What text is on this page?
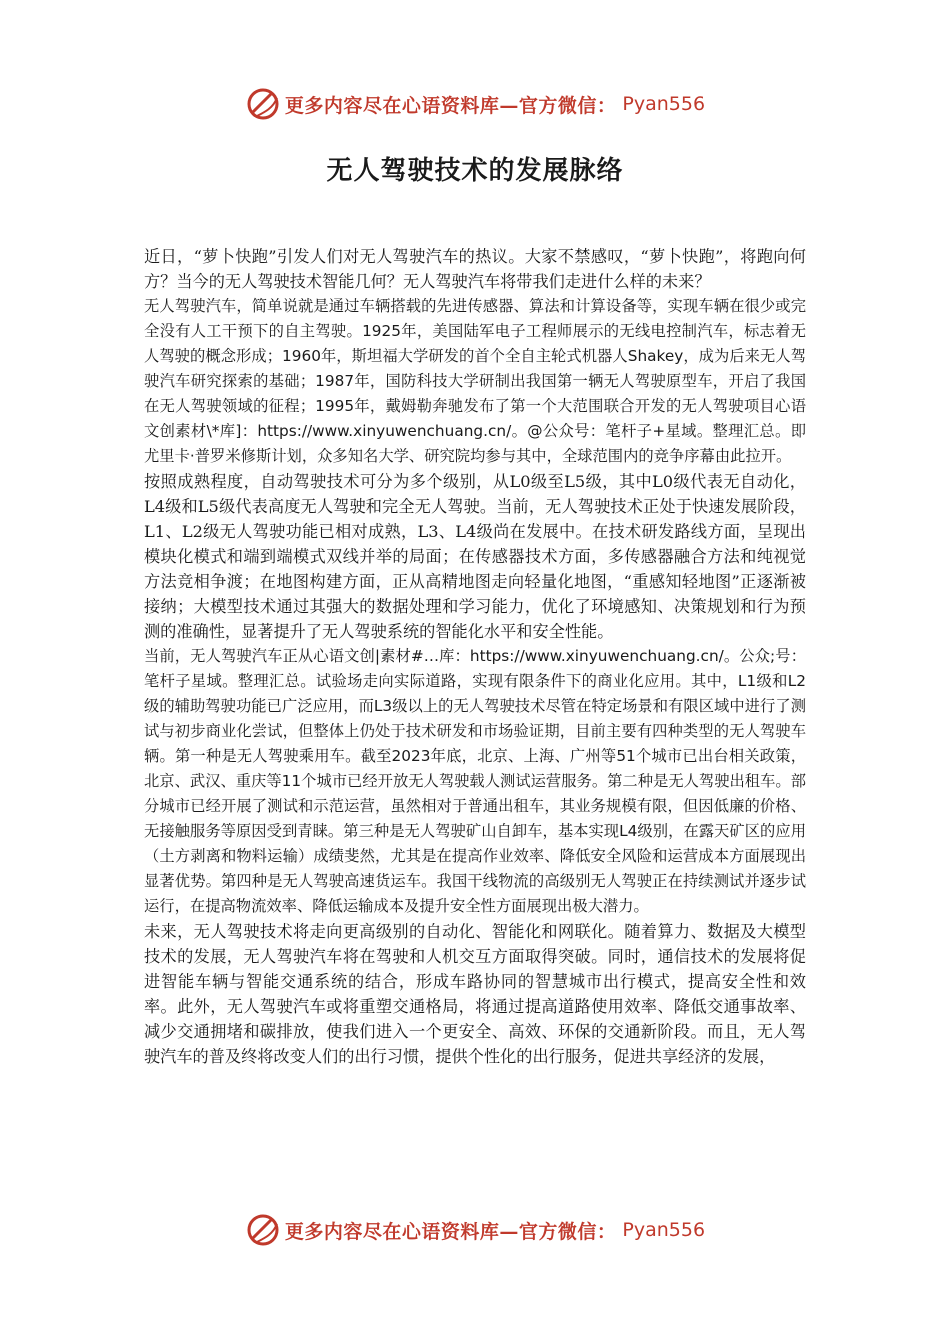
更多内容尽在心语资料库—官方微信： Pyan556
无人驾驶技术的发展脉络

近日，“萝卜快跑”引发人们对无人驾驶汽车的热议。大家不禁感叹，“萝卜快跑”，将跑向何方？当今的无人驾驶技术智能几何？无人驾驶汽车将带我们走进什么样的未来？

无人驾驶汽车，简单说就是通过车辆搭载的先进传感器、算法和计算设备等，实现车辆在很少或完全没有人工干预下的自主驾驶。1925年，美国陆军电子工程师展示的无线电控制汽车，标志着无人驾驶的概念形成；1960年，斯坦福大学研发的首个全自主轮式机器人Shakey，成为后来无人驾驶汽车研究探索的基础；1987年，国防科技大学研制出我国第一辆无人驾驶原型车，开启了我国在无人驾驶领域的征程；1995年，戴姆勒奔驰发布了第一个大范围联合开发的无人驾驶项目心语文创素材\*库]：https://www.xinyuwenchuang.cn/。@公众号：笔杆子+星域。整理汇总。即尤里卡·普罗米修斯计划，众多知名大学、研究院均参与其中，全球范围内的竞争序幕由此拉开。

按照成熟程度，自动驾驶技术可分为多个级别，从L0级至L5级，其中L0级代表无自动化，L4级和L5级代表高度无人驾驶和完全无人驾驶。当前，无人驾驶技术正处于快速发展阶段，L1、L2级无人驾驶功能已相对成熟，L3、L4级尚在发展中。在技术研发路线方面，呈现出模块化模式和端到端模式双线并举的局面；在传感器技术方面，多传感器融合方法和纯视觉方法竞相争渡；在地图构建方面，正从高精地图走向轻量化地图，“重感知轻地图”正逐渐被接纳；大模型技术通过其强大的数据处理和学习能力，优化了环境感知、决策规划和行为预测的准确性，显著提升了无人驾驶系统的智能化水平和安全性能。

当前，无人驾驶汽车正从心语文创|素材#…库：https://www.xinyuwenchuang.cn/。公众;号：笔杆子星域。整理汇总。试验场走向实际道路，实现有限条件下的商业化应用。其中，L1级和L2级的辅助驾驶功能已广泛应用，而L3级以上的无人驾驶技术尽管在特定场景和有限区域中进行了测试与初步商业化尝试，但整体上仍处于技术研发和市场验证期，目前主要有四种类型的无人驾驶车辆。第一种是无人驾驶乘用车。截至2023年底，北京、上海、广州等51个城市已出台相关政策，北京、武汉、重庆等11个城市已经开放无人驾驶载人测试运营服务。第二种是无人驾驶出租车。部分城市已经开展了测试和示范运营，虽然相对于普通出租车，其业务规模有限，但因低廉的价格、无接触服务等原因受到青睐。第三种是无人驾驶矿山自卸车，基本实现L4级别，在露天矿区的应用（土方剥离和物料运输）成绩斐然，尤其是在提高作业效率、降低安全风险和运营成本方面展现出显著优势。第四种是无人驾驶高速货运车。我国干线物流的高级别无人驾驶正在持续测试并逐步试运行，在提高物流效率、降低运输成本及提升安全性方面展现出极大潜力。

未来，无人驾驶技术将走向更高级别的自动化、智能化和网联化。随着算力、数据及大模型技术的发展，无人驾驶汽车将在驾驶和人机交互方面取得突破。同时，通信技术的发展将促进智能车辆与智能交通系统的结合，形成车路协同的智慧城市出行模式，提高安全性和效率。此外，无人驾驶汽车或将重塑交通格局，将通过提高道路使用效率、降低交通事故率、减少交通拥堵和碳排放，使我们进入一个更安全、高效、环保的交通新阶段。而且，无人驾驶汽车的普及终将改变人们的出行习惯，提供个性化的出行服务，促进共享经济的发展，

更多内容尽在心语资料库—官方微信： Pyan556
